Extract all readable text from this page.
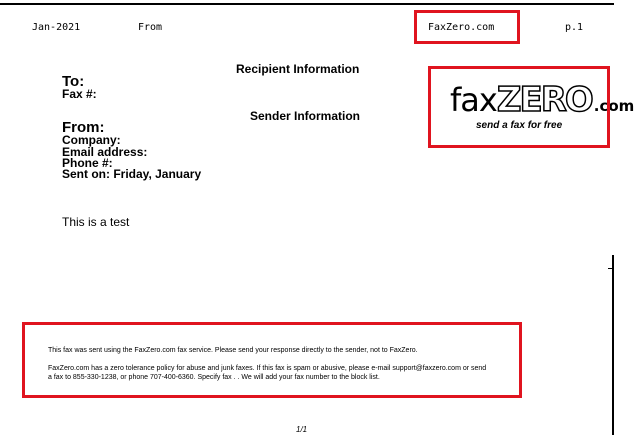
Jan-2021	From	FaxZero.com	p.1
faxZERO .com
send a fax for free
Recipient Information
To:
Fax #:
Sender Information
From:
Company:
Email address:
Phone #:
Sent on: Friday, January
This is a test
This fax was sent using the FaxZero.com fax service. Please send your response directly to the sender, not to FaxZero.
FaxZero.com has a zero tolerance policy for abuse and junk faxes. If this fax is spam or abusive, please e-mail support@faxzero.com or send
a fax to 855-330-1238, or phone 707-400-6360. Specify fax . . We will add your fax number to the block list.
1/1
